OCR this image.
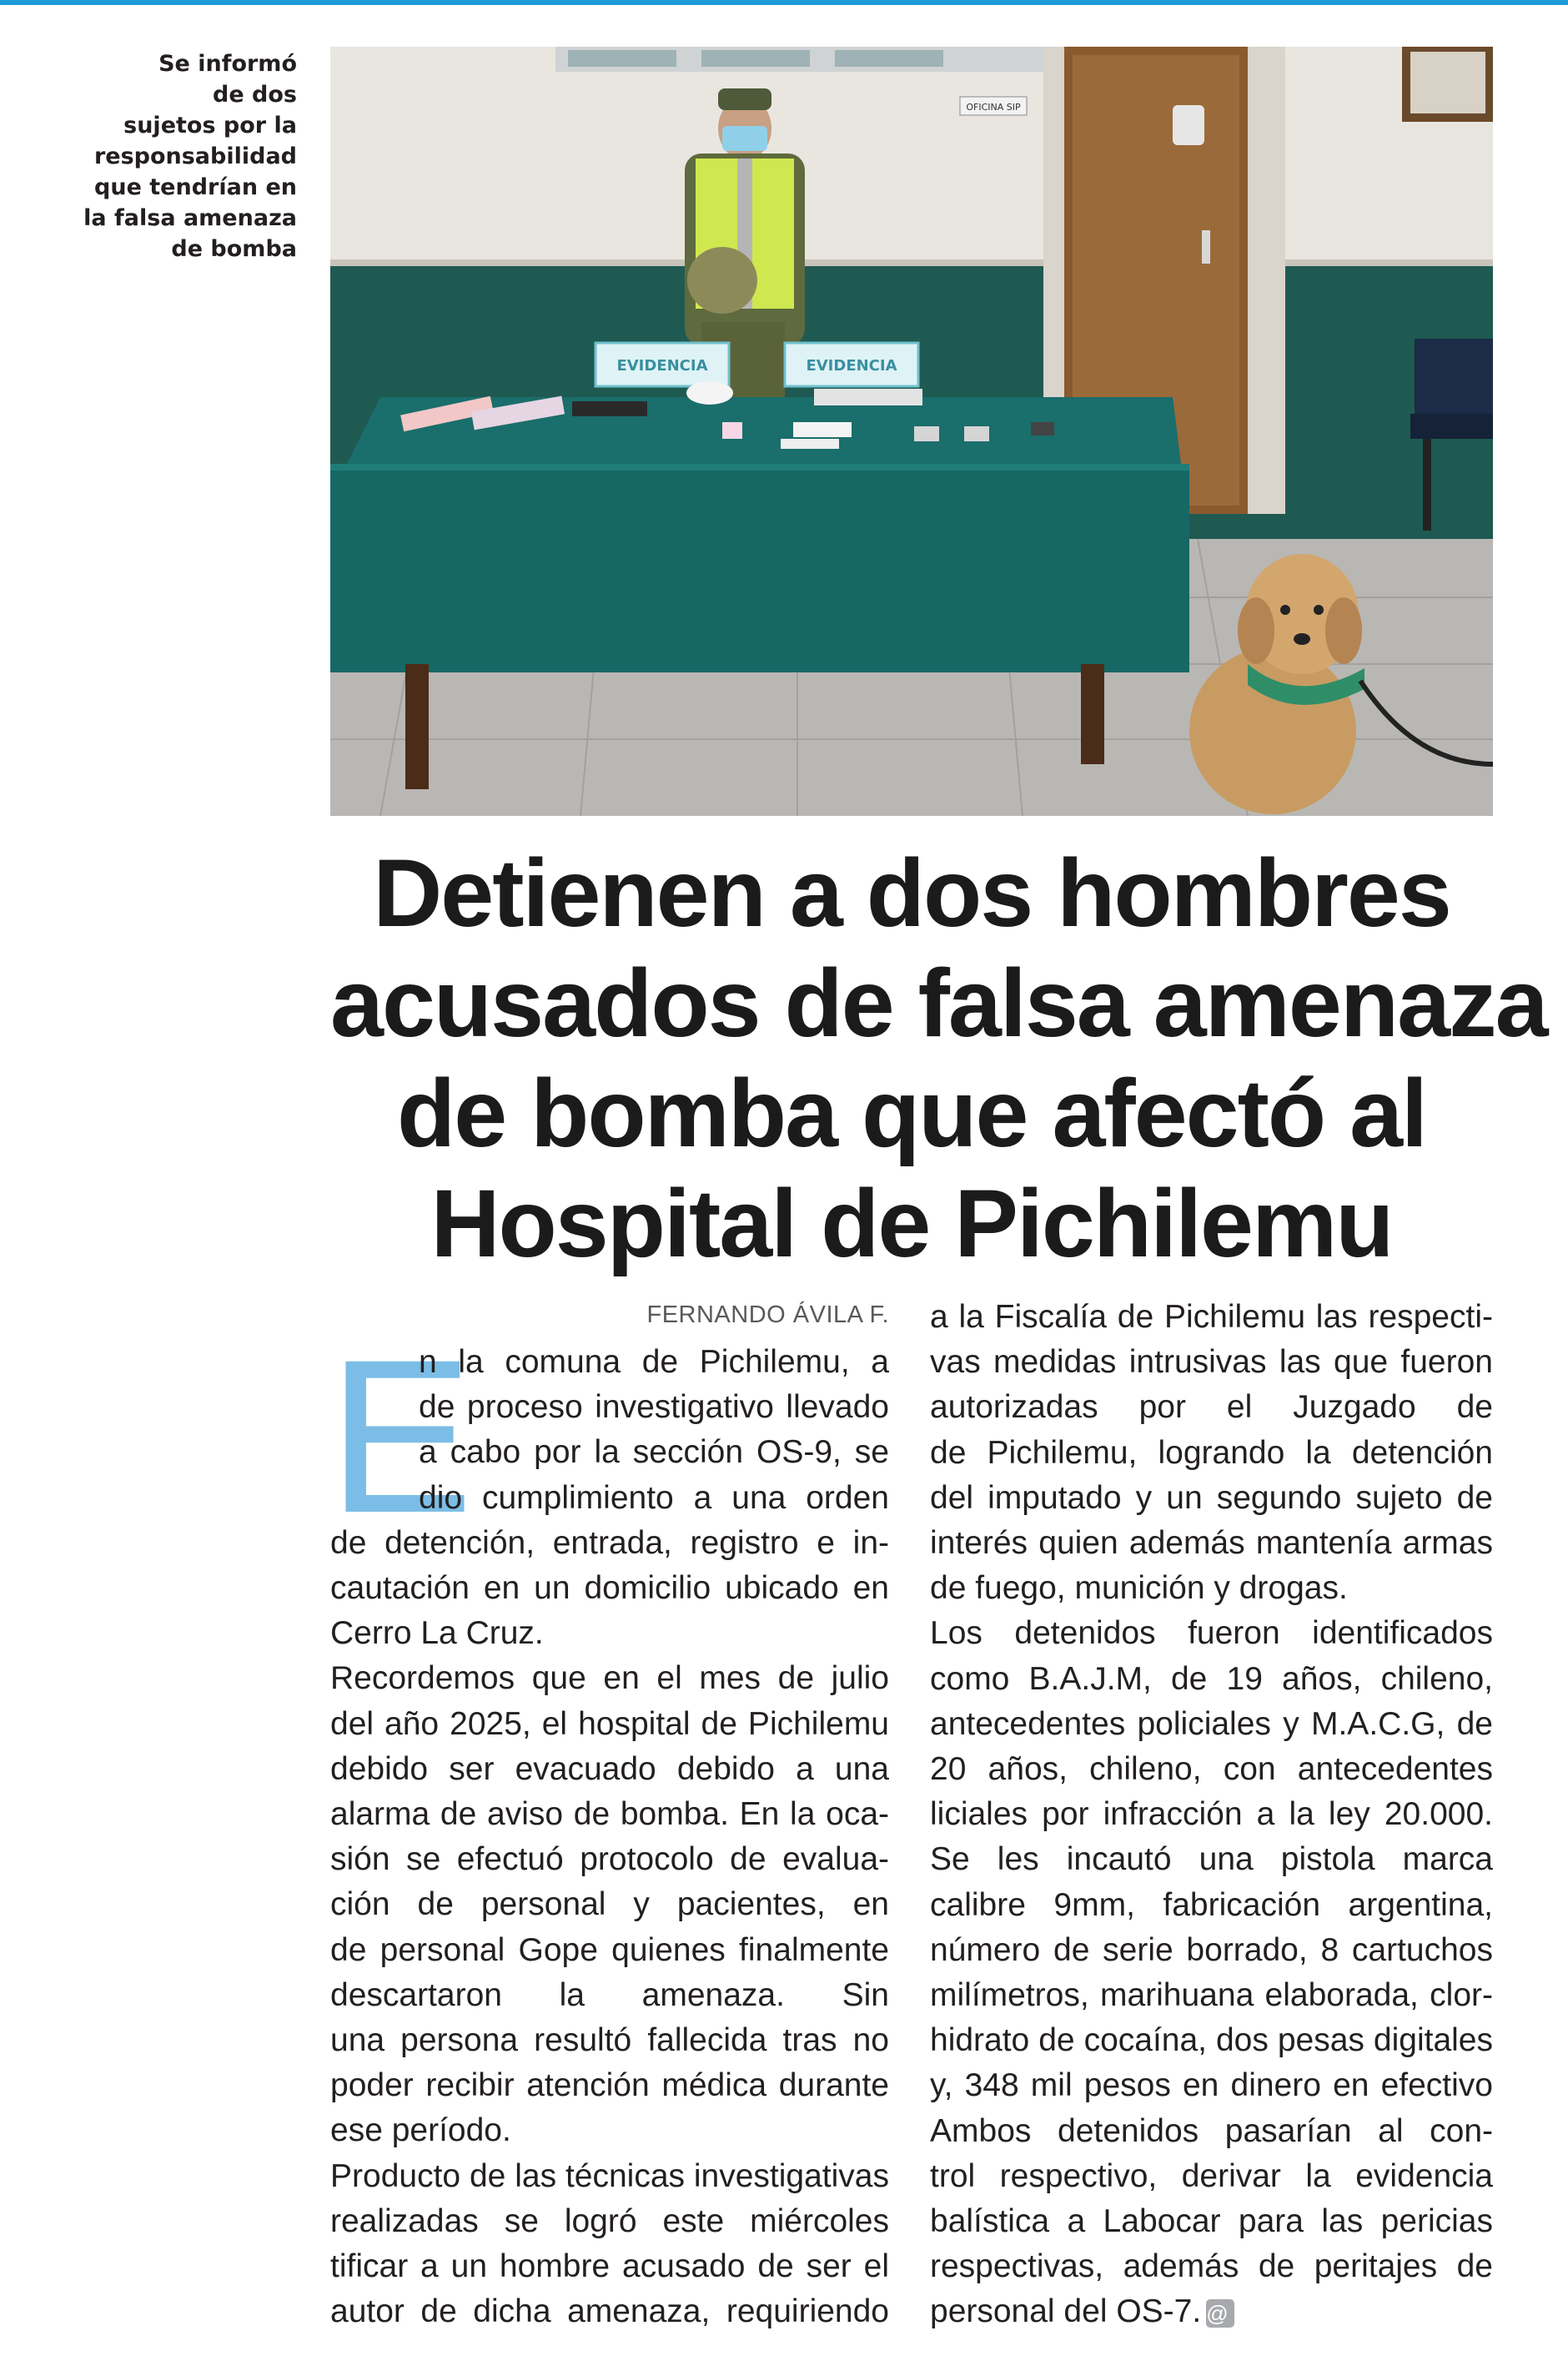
Se informó
de dos
sujetos por la
responsabilidad
que tendrían en
la falsa amenaza
de bomba
OFICINA SIP
EVIDENCIA	EVIDENCIA
Detienen a dos hombres
acusados de falsa amenaza
de bomba que afectó al
Hospital de Pichilemu
FERNANDO ÁVILA F.
E
n la comuna de Pichilemu, a
de proceso investigativo llevado
a cabo por la sección OS-9, se
dio cumplimiento a una orden
de detención, entrada, registro e in-
cautación en un domicilio ubicado en
Cerro La Cruz.
Recordemos que en el mes de julio
del año 2025, el hospital de Pichilemu
debido ser evacuado debido a una
alarma de aviso de bomba. En la oca-
sión se efectuó protocolo de evalua-
ción de personal y pacientes, en
de personal Gope quienes finalmente
descartaron la amenaza. Sin
una persona resultó fallecida tras no
poder recibir atención médica durante
ese período.
Producto de las técnicas investigativas
realizadas se logró este miércoles
tificar a un hombre acusado de ser el
autor de dicha amenaza, requiriendo
a la Fiscalía de Pichilemu las respecti-
vas medidas intrusivas las que fueron
autorizadas por el Juzgado de
de Pichilemu, logrando la detención
del imputado y un segundo sujeto de
interés quien además mantenía armas
de fuego, munición y drogas.
Los detenidos fueron identificados
como B.A.J.M, de 19 años, chileno,
antecedentes policiales y M.A.C.G, de
20 años, chileno, con antecedentes
liciales por infracción a la ley 20.000.
Se les incautó una pistola marca
calibre 9mm, fabricación argentina,
número de serie borrado, 8 cartuchos
milímetros, marihuana elaborada, clor-
hidrato de cocaína, dos pesas digitales
y, 348 mil pesos en dinero en efectivo
Ambos detenidos pasarían al con-
trol respectivo, derivar la evidencia
balística a Labocar para las pericias
respectivas, además de peritajes de
personal del OS-7. @
